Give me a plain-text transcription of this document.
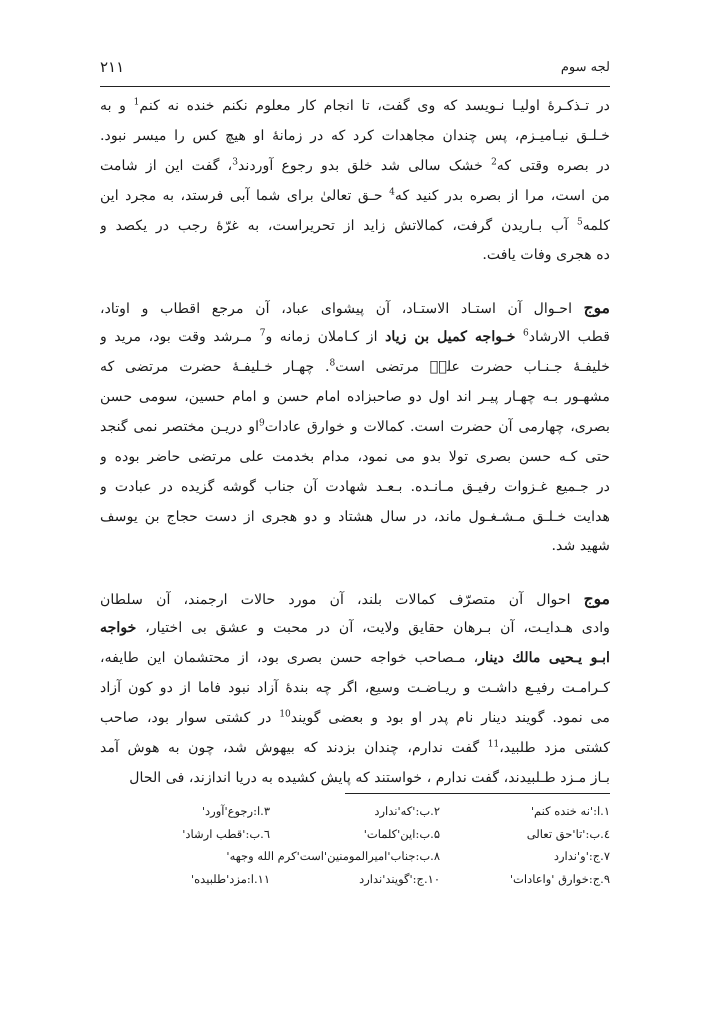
۲۱۱	لجه سوم
در تـذکـرهٔ اولیـا نـویسد که وی گفت، تا انجام کار معلوم نکنم خنده نه کنم$^1$ و به
خـلـق نیـامیـزم، پس چندان مجاهدات کرد که در زمانهٔ او هیچ کس را میسر نبود.
در بصره وقتی که$^2$ خشک سالی شد خلق بدو رجوع آوردند$^3$، گفت این از شامت
من است، مرا از بصره بدر کنید که$^4$ حـق تعالیٰ برای شما آبی فرستد، به مجرد این
کلمه$^5$ آب بـاریدن گرفت، کمالاتش زاید از تحریراست، به غرّهٔ رجب در یکصد و
ده هجری وفات یافت.
موج احـوال آن استـاد الاستـاد، آن پیشوای عباد، آن مرجع اقطاب و اوتاد،
قطب الارشاد$^6$ خـواجه کمیل بن زیاد از کـاملان زمانه و$^7$ مـرشد وقت بود، مرید و
خلیفـهٔ جـنـاب حضرت علیؑ مرتضی است$^8$. چهـار خـلیفـهٔ حضرت مرتضی که
مشهـور بـه چهـار پیـر اند اول دو صاحبزاده امام حسن و امام حسین، سومی حسن
بصری، چهارمی آن حضرت است. کمالات و خوارق عادات$^9$او دریـن مختصر نمی گنجد
حتی کـه حسن بصری تولا بدو می نمود، مدام بخدمت علی مرتضی حاضر بوده و
در جـمیع غـزوات رفیـق مـانـده. بـعـد شهادت آن جناب گوشه گزیده در عبادت و
هدایت خـلـق مـشـغـول ماند، در سال هشتاد و دو هجری از دست حجاج بن یوسف
شهید شد.
موج احوال آن متصرّف کمالات بلند، آن مورد حالات ارجمند، آن سلطان
وادی هـدایـت، آن بـرهان حقایق ولایت، آن در محبت و عشق بی اختیار، خواجه
ابـو یـحیی مالك دینار، مـصاحب خواجه حسن بصری بود، از محتشمان این طایفه،
کـرامـت رفیـع داشـت و ریـاضـت وسیع، اگر چه بندهٔ آزاد نبود فاما از دو کون آزاد
می نمود. گویند دینار نام پدر او بود و بعضی گویند$^{10}$ در کشتی سوار بود، صاحب
کشتی مزد طلبید،$^{11}$ گفت ندارم، چندان بزدند که بیهوش شد، چون به هوش آمد
بـاز مـزد طـلبیدند، گفت ندارم ، خواستند که پایش کشیده به دریا اندازند، فی الحال
۱.ا:'نه خنده کنم'
۲.ب:'که'ندارد
۳.ا:رجوع'آورد'
٤.ب:'تا'حق تعالی
۵.ب:این'کلمات'
٦.ب:'قطب ارشاد'
۷.ج:'و'ندارد
۸.ب:جناب'امیرالمومنین'است'کرم الله وجهه'
۹.ج:خوارق 'واعادات'
۱۰.ج:'گویند'ندارد
۱۱.ا:مزد'طلبیده'
